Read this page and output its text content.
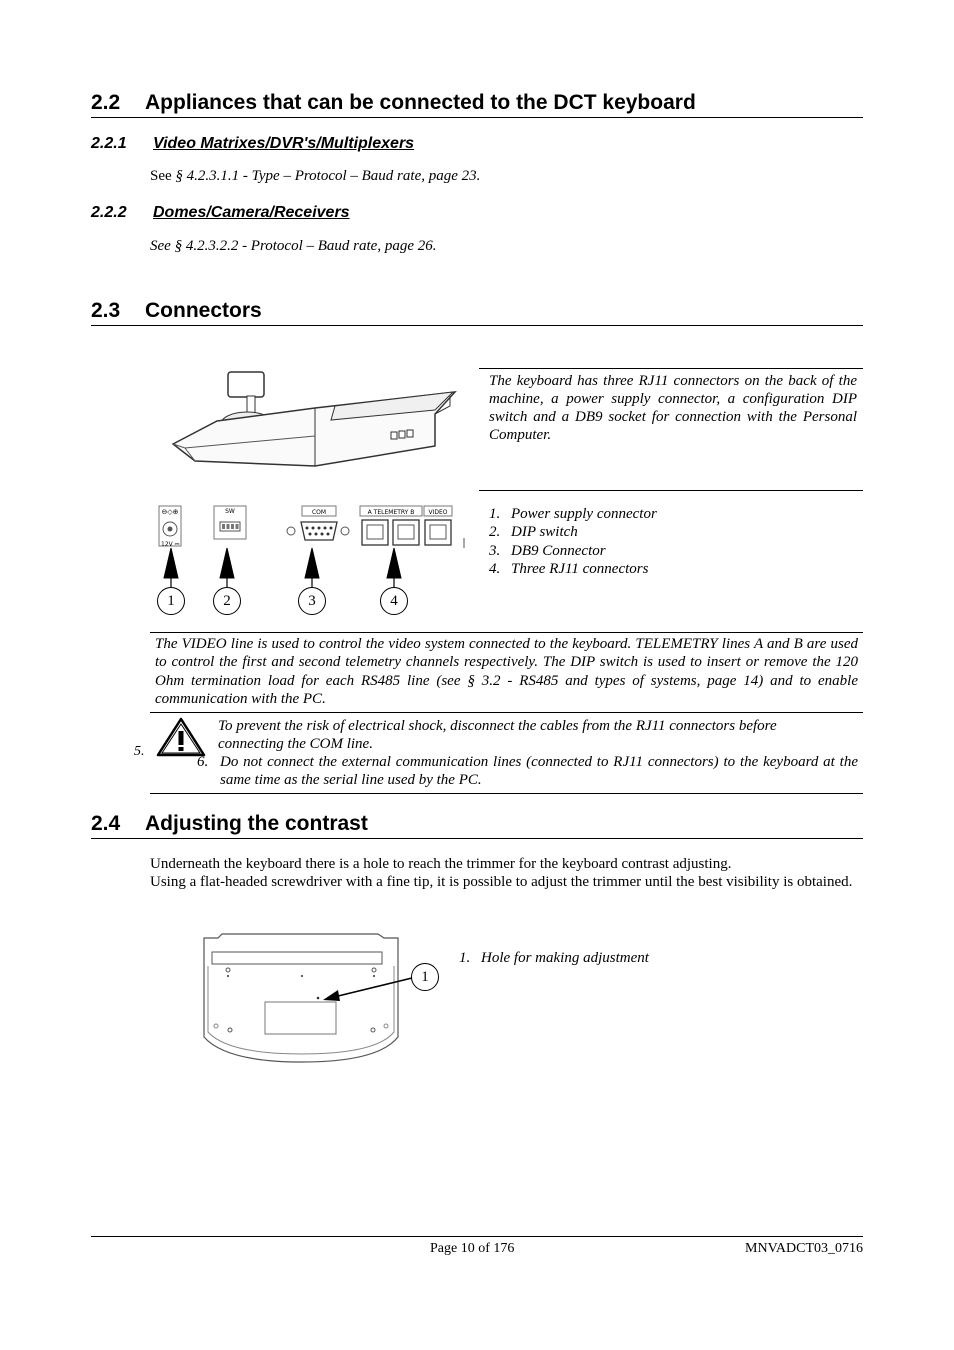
2.2 Appliances that can be connected to the DCT keyboard
2.2.1 Video Matrixes/DVR's/Multiplexers
See § 4.2.3.1.1 - Type – Protocol – Baud rate, page 23.
2.2.2 Domes/Camera/Receivers
See § 4.2.3.2.2 - Protocol – Baud rate, page 26.
2.3 Connectors
The keyboard has three RJ11 connectors on the back of the machine, a power supply connector, a configuration DIP switch and a DB9 socket for connection with the Personal Computer.
⊖◇⊕
12V ⎓
SW	COM	A TELEMETRY B VIDEO
1	2	3	4
1. Power supply connector
2. DIP switch
3. DB9 Connector
4. Three RJ11 connectors
The VIDEO line is used to control the video system connected to the keyboard. TELEMETRY lines A and B are used to control the first and second telemetry channels respectively. The DIP switch is used to insert or remove the 120 Ohm termination load for each RS485 line (see § 3.2 - RS485 and types of systems, page 14) and to enable communication with the PC.
5.
To prevent the risk of electrical shock, disconnect the cables from the RJ11 connectors before connecting the COM line.
6. Do not connect the external communication lines (connected to RJ11 connectors) to the keyboard at the same time as the serial line used by the PC.
2.4 Adjusting the contrast
Underneath the keyboard there is a hole to reach the trimmer for the keyboard contrast adjusting.
Using a flat-headed screwdriver with a fine tip, it is possible to adjust the trimmer until the best visibility is obtained.
1
1. Hole for making adjustment
Page 10 of 176	MNVADCT03_0716
